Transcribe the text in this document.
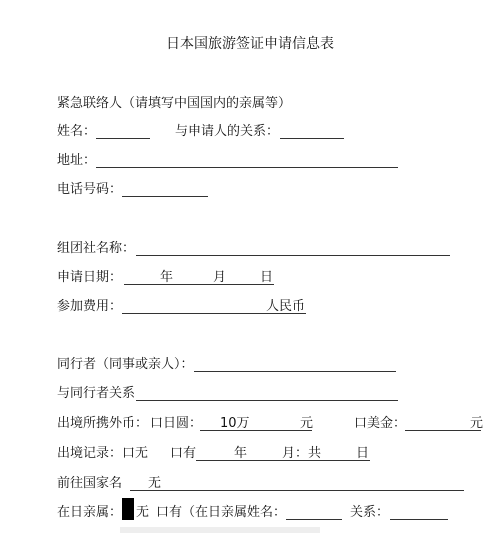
日本国旅游签证申请信息表
紧急联络人（请填写中国国内的亲属等）
姓名：	与申请人的关系：
地址：
电话号码：
组团社名称：
申请日期：	年	月	日
参加费用：	人民币
同行者（同事或亲人）：
与同行者关系
出境所携外币： 口日圆： 10万	元	口美金：	元
出境记录： 口无 口有	年	月：共	日
前往国家名 无
在日亲属： 无 口有（在日亲属姓名：	关系：
